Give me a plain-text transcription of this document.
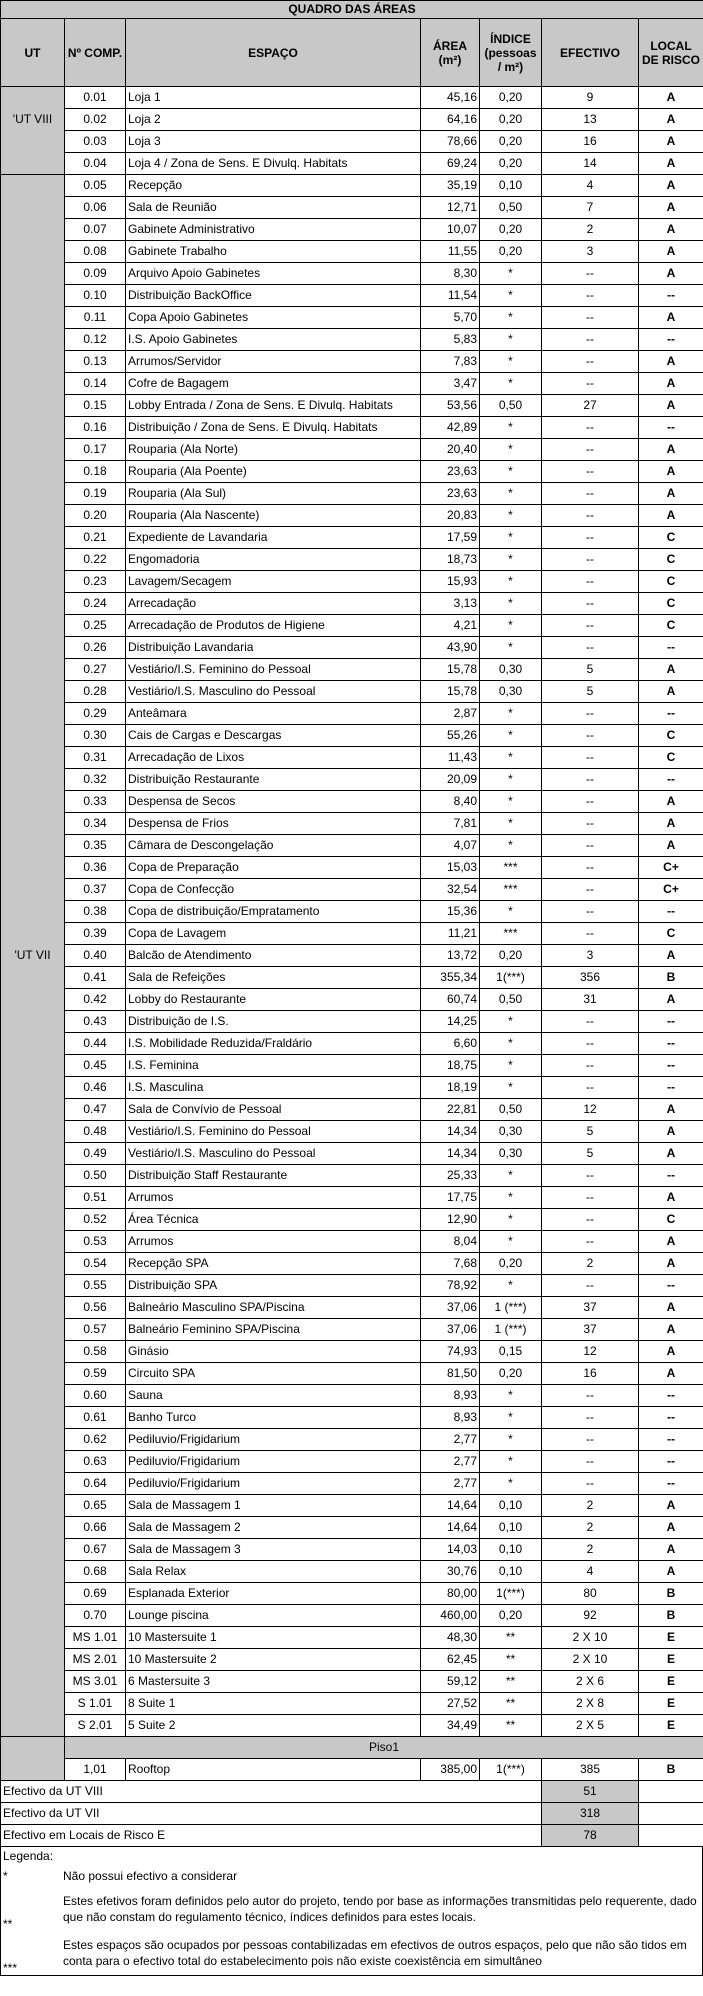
QUADRO DAS ÁREAS						
UT	Nº COMP.	ESPAÇO	ÁREA (m²)	ÍNDICE (pessoas / m²)	EFECTIVO	LOCAL DE RISCO
	0.01	Loja 1	45,16	0,20	9	A
'UT VIII	0.02	Loja 2	64,16	0,20	13	A
	0.03	Loja 3	78,66	0,20	16	A
	0.04	Loja 4 / Zona de Sens. E Divulq. Habitats	69,24	0,20	14	A
	0.05	Recepção	35,19	0,10	4	A
	0.06	Sala de Reunião	12,71	0,50	7	A
	0.07	Gabinete Administrativo	10,07	0,20	2	A
	0.08	Gabinete Trabalho	11,55	0,20	3	A
	0.09	Arquivo Apoio Gabinetes	8,30	*	--	A
	0.10	Distribuição BackOffice	11,54	*	--	--
	0.11	Copa Apoio Gabinetes	5,70	*	--	A
	0.12	I.S. Apoio Gabinetes	5,83	*	--	--
	0.13	Arrumos/Servidor	7,83	*	--	A
	0.14	Cofre de Bagagem	3,47	*	--	A
	0.15	Lobby Entrada / Zona de Sens. E Divulq. Habitats	53,56	0,50	27	A
	0.16	Distribuição / Zona de Sens. E Divulq. Habitats	42,89	*	--	--
	0.17	Rouparia (Ala Norte)	20,40	*	--	A
	0.18	Rouparia (Ala Poente)	23,63	*	--	A
	0.19	Rouparia (Ala Sul)	23,63	*	--	A
	0.20	Rouparia (Ala Nascente)	20,83	*	--	A
	0.21	Expediente de Lavandaria	17,59	*	--	C
	0.22	Engomadoria	18,73	*	--	C
	0.23	Lavagem/Secagem	15,93	*	--	C
	0.24	Arrecadação	3,13	*	--	C
	0.25	Arrecadação de Produtos de Higiene	4,21	*	--	C
	0.26	Distribuição Lavandaria	43,90	*	--	--
	0.27	Vestiário/I.S. Feminino do Pessoal	15,78	0,30	5	A
	0.28	Vestiário/I.S. Masculino do Pessoal	15,78	0,30	5	A
	0.29	Anteâmara	2,87	*	--	--
	0.30	Cais de Cargas e Descargas	55,26	*	--	C
	0.31	Arrecadação de Lixos	11,43	*	--	C
	0.32	Distribuição Restaurante	20,09	*	--	--
	0.33	Despensa de Secos	8,40	*	--	A
	0.34	Despensa de Frios	7,81	*	--	A
	0.35	Câmara de Descongelação	4,07	*	--	A
	0.36	Copa de Preparação	15,03	***	--	C+
	0.37	Copa de Confecção	32,54	***	--	C+
	0.38	Copa de distribuição/Empratamento	15,36	*	--	--
	0.39	Copa de Lavagem	11,21	***	--	C
'UT VII	0.40	Balcão de Atendimento	13,72	0,20	3	A
	0.41	Sala de Refeições	355,34	1(***)	356	B
	0.42	Lobby do Restaurante	60,74	0,50	31	A
	0.43	Distribuição de I.S.	14,25	*	--	--
	0.44	I.S. Mobilidade Reduzida/Fraldário	6,60	*	--	--
	0.45	I.S. Feminina	18,75	*	--	--
	0.46	I.S. Masculina	18,19	*	--	--
	0.47	Sala de Convívio de Pessoal	22,81	0,50	12	A
	0.48	Vestiário/I.S. Feminino do Pessoal	14,34	0,30	5	A
	0.49	Vestiário/I.S. Masculino do Pessoal	14,34	0,30	5	A
	0.50	Distribuição Staff Restaurante	25,33	*	--	--
	0.51	Arrumos	17,75	*	--	A
	0.52	Área Técnica	12,90	*	--	C
	0.53	Arrumos	8,04	*	--	A
	0.54	Recepção SPA	7,68	0,20	2	A
	0.55	Distribuição SPA	78,92	*	--	--
	0.56	Balneário Masculino SPA/Piscina	37,06	1 (***)	37	A
	0.57	Balneário Feminino SPA/Piscina	37,06	1 (***)	37	A
	0.58	Ginásio	74,93	0,15	12	A
	0.59	Circuito SPA	81,50	0,20	16	A
	0.60	Sauna	8,93	*	--	--
	0.61	Banho Turco	8,93	*	--	--
	0.62	Pediluvio/Frigidarium	2,77	*	--	--
	0.63	Pediluvio/Frigidarium	2,77	*	--	--
	0.64	Pediluvio/Frigidarium	2,77	*	--	--
	0.65	Sala de Massagem 1	14,64	0,10	2	A
	0.66	Sala de Massagem 2	14,64	0,10	2	A
	0.67	Sala de Massagem 3	14,03	0,10	2	A
	0.68	Sala Relax	30,76	0,10	4	A
	0.69	Esplanada Exterior	80,00	1(***)	80	B
	0.70	Lounge piscina	460,00	0,20	92	B
	MS 1.01	10 Mastersuite 1	48,30	**	2 X 10	E
	MS 2.01	10 Mastersuite 2	62,45	**	2 X 10	E
	MS 3.01	6 Mastersuite 3	59,12	**	2 X 6	E
	S 1.01	8 Suite 1	27,52	**	2 X 8	E
	S 2.01	5 Suite 2	34,49	**	2 X 5	E
	Piso1					
	1,01	Rooftop	385,00	1(***)	385	B
Efectivo da UT VIII					51	
Efectivo da UT VII					318	
Efectivo em Locais de Risco E					78	
Legenda:
*	Não possui efectivo a considerar
**
Estes efetivos foram definidos pelo autor do projeto, tendo por base as informações transmitidas pelo requerente, dado que não constam do regulamento técnico, índices definidos para estes locais.
***
Estes espaços são ocupados por pessoas contabilizadas em efectivos de outros espaços, pelo que não são tidos em conta para o efectivo total do estabelecimento pois não existe coexistência em simultâneo
